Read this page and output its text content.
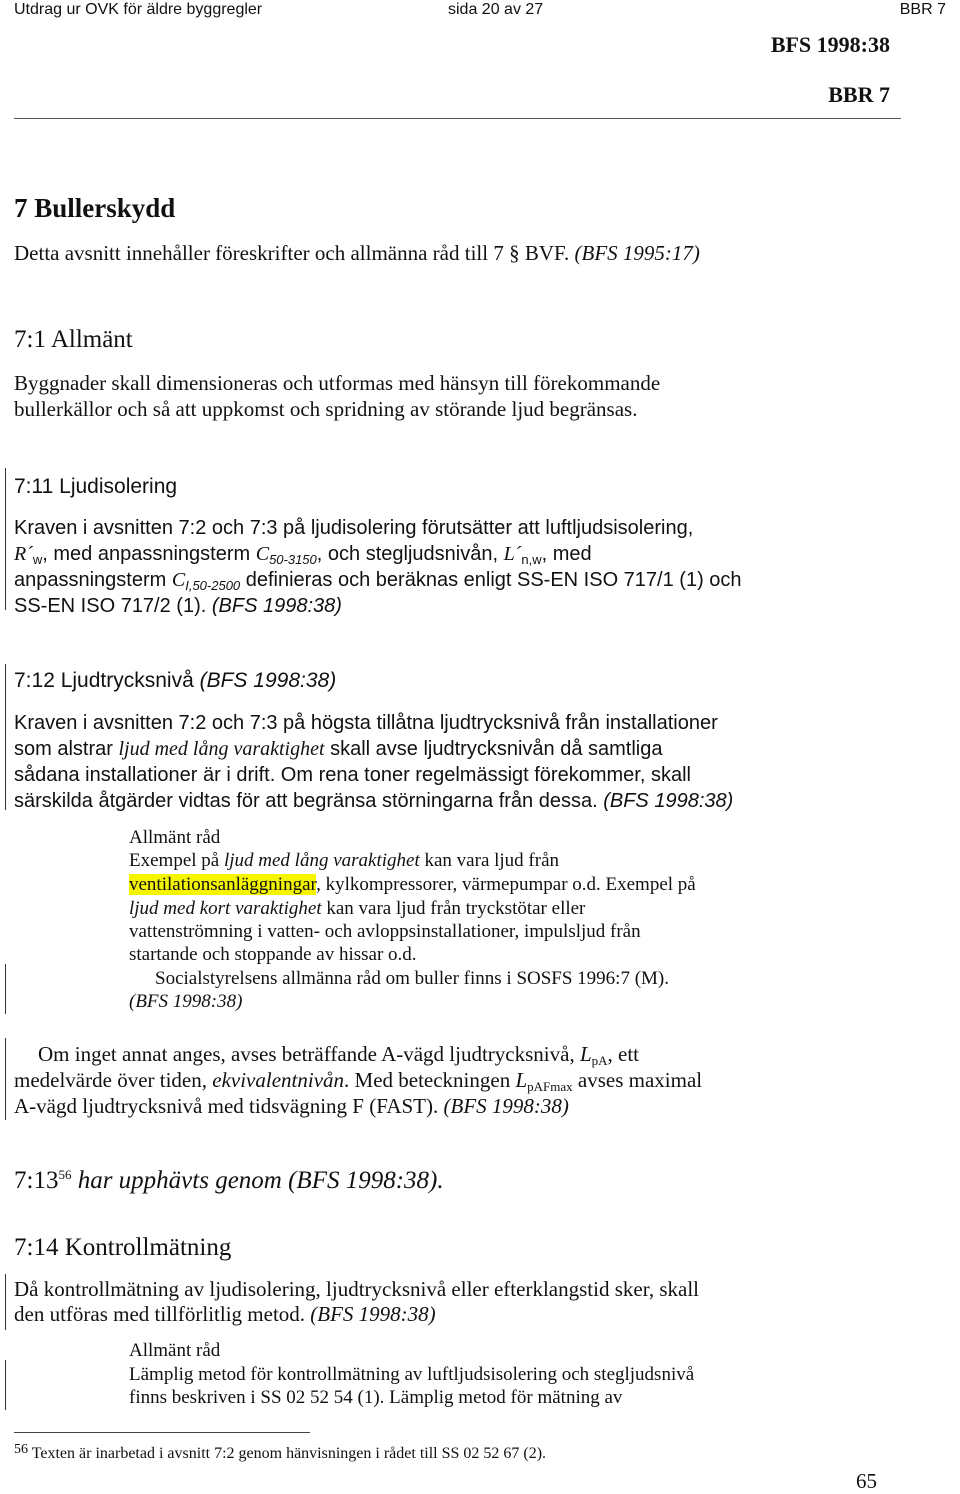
Utdrag ur OVK för äldre byggregler	sida 20 av 27	BBR 7
BFS 1998:38
BBR 7
7 Bullerskydd
Detta avsnitt innehåller föreskrifter och allmänna råd till 7 § BVF. (BFS 1995:17)
7:1 Allmänt
Byggnader skall dimensioneras och utformas med hänsyn till förekommande
bullerkällor och så att uppkomst och spridning av störande ljud begränsas.
7:11 Ljudisolering
Kraven i avsnitten 7:2 och 7:3 på ljudisolering förutsätter att luftljudsisolering,
$R´_w$, med anpassningsterm $C_{50-3150}$, och stegljudsnivån, $L´_{n,w}$, med
anpassningsterm $C_{I,50-2500}$ definieras och beräknas enligt SS-EN ISO 717/1 (1) och
SS-EN ISO 717/2 (1). (BFS 1998:38)
7:12 Ljudtrycksnivå (BFS 1998:38)
Kraven i avsnitten 7:2 och 7:3 på högsta tillåtna ljudtrycksnivå från installationer
som alstrar ljud med lång varaktighet skall avse ljudtrycksnivån då samtliga
sådana installationer är i drift. Om rena toner regelmässigt förekommer, skall
särskilda åtgärder vidtas för att begränsa störningarna från dessa. (BFS 1998:38)
Allmänt råd
Exempel på ljud med lång varaktighet kan vara ljud från
ventilationsanläggningar, kylkompressorer, värmepumpar o.d. Exempel på
ljud med kort varaktighet kan vara ljud från tryckstötar eller
vattenströmning i vatten- och avloppsinstallationer, impulsljud från
startande och stoppande av hissar o.d.
Socialstyrelsens allmänna råd om buller finns i SOSFS 1996:7 (M).
(BFS 1998:38)
Om inget annat anges, avses beträffande A-vägd ljudtrycksnivå, LpA, ett
medelvärde över tiden, ekvivalentnivån. Med beteckningen LpAFmax avses maximal
A-vägd ljudtrycksnivå med tidsvägning F (FAST). (BFS 1998:38)
$7:13^{56}$ har upphävts genom (BFS 1998:38).
7:14 Kontrollmätning
Då kontrollmätning av ljudisolering, ljudtrycksnivå eller efterklangstid sker, skall
den utföras med tillförlitlig metod. (BFS 1998:38)
Allmänt råd
Lämplig metod för kontrollmätning av luftljudsisolering och stegljudsnivå
finns beskriven i SS 02 52 54 (1). Lämplig metod för mätning av
56 Texten är inarbetad i avsnitt 7:2 genom hänvisningen i rådet till SS 02 52 67 (2).
65
